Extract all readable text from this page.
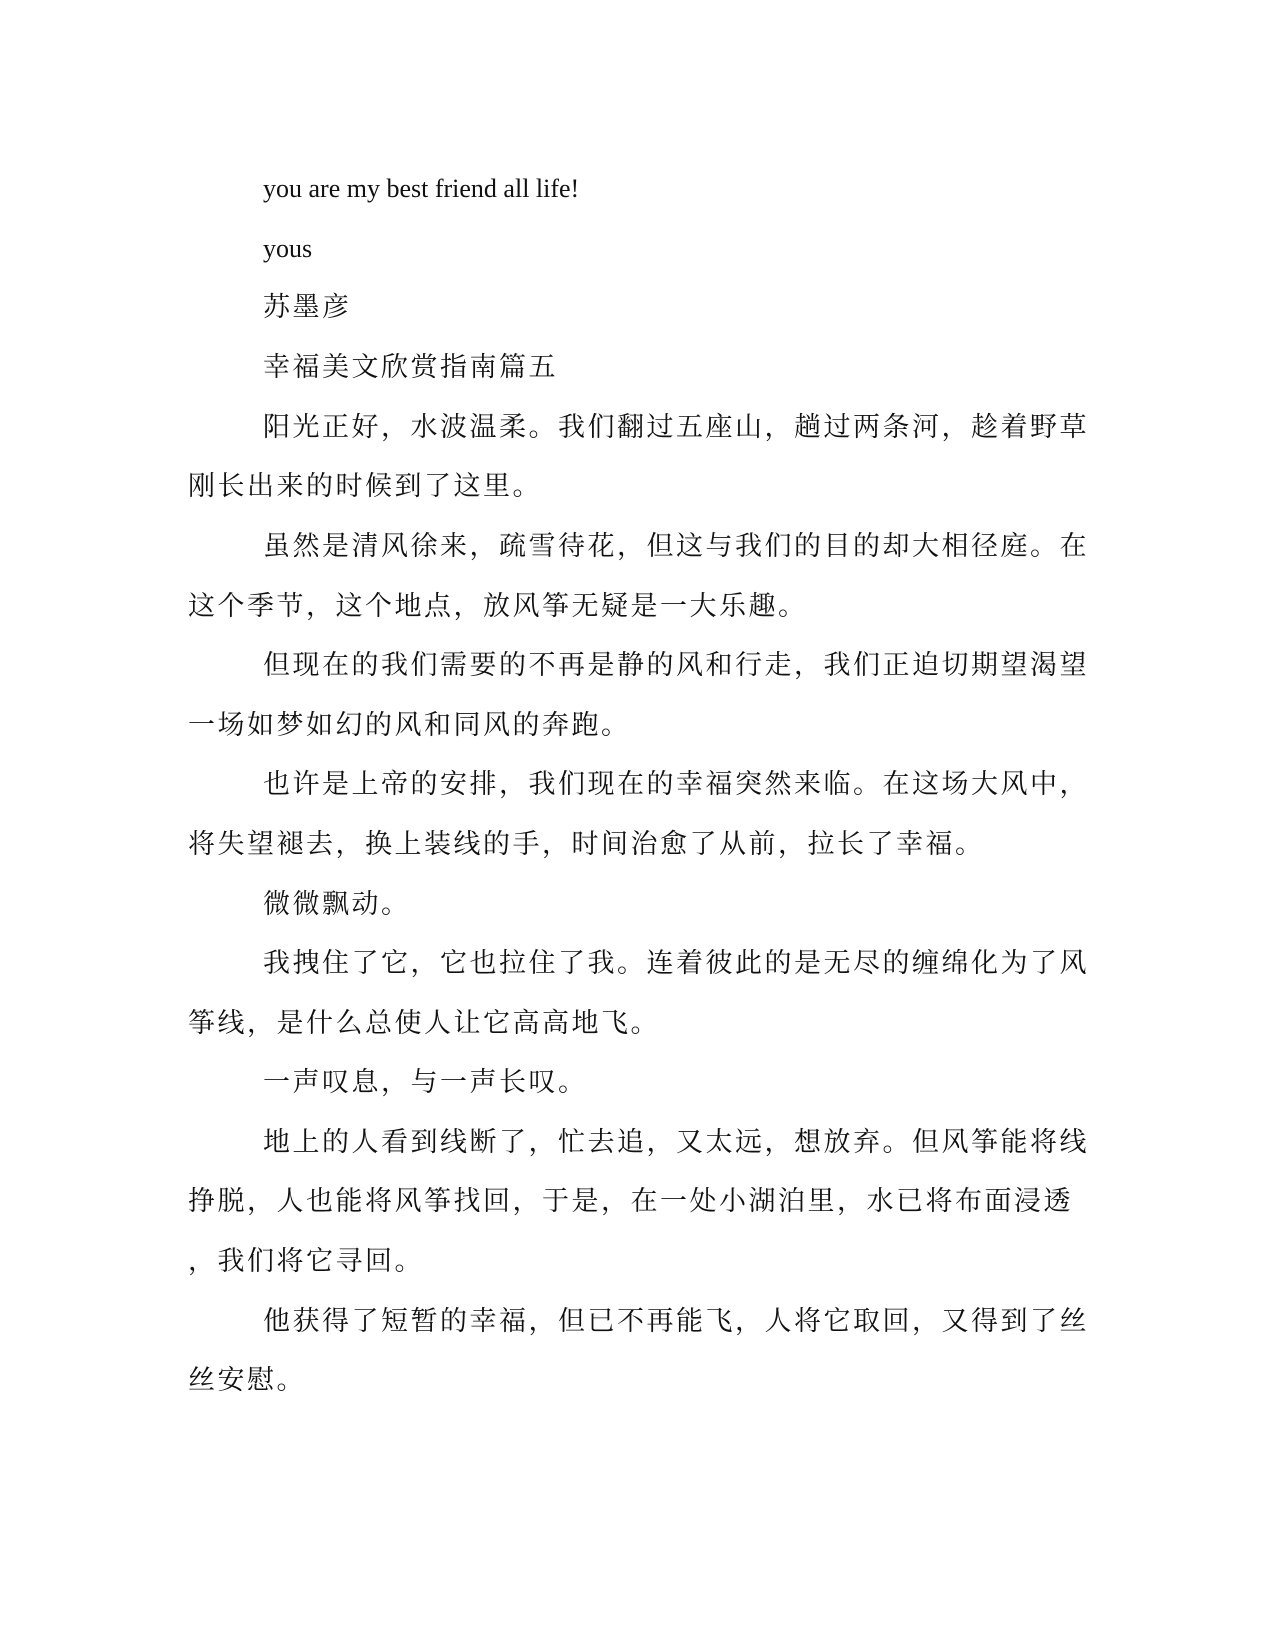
you are my best friend all life!
yous
苏墨彦
幸福美文欣赏指南篇五
阳光正好，水波温柔。我们翻过五座山，趟过两条河，趁着野草
刚长出来的时候到了这里。
虽然是清风徐来，疏雪待花，但这与我们的目的却大相径庭。在
这个季节，这个地点，放风筝无疑是一大乐趣。
但现在的我们需要的不再是静的风和行走，我们正迫切期望渴望
一场如梦如幻的风和同风的奔跑。
也许是上帝的安排，我们现在的幸福突然来临。在这场大风中，
将失望褪去，换上装线的手，时间治愈了从前，拉长了幸福。
微微飘动。
我拽住了它，它也拉住了我。连着彼此的是无尽的缠绵化为了风
筝线，是什么总使人让它高高地飞。
一声叹息，与一声长叹。
地上的人看到线断了，忙去追，又太远，想放弃。但风筝能将线
挣脱，人也能将风筝找回，于是，在一处小湖泊里，水已将布面浸透
，我们将它寻回。
他获得了短暂的幸福，但已不再能飞，人将它取回，又得到了丝
丝安慰。
